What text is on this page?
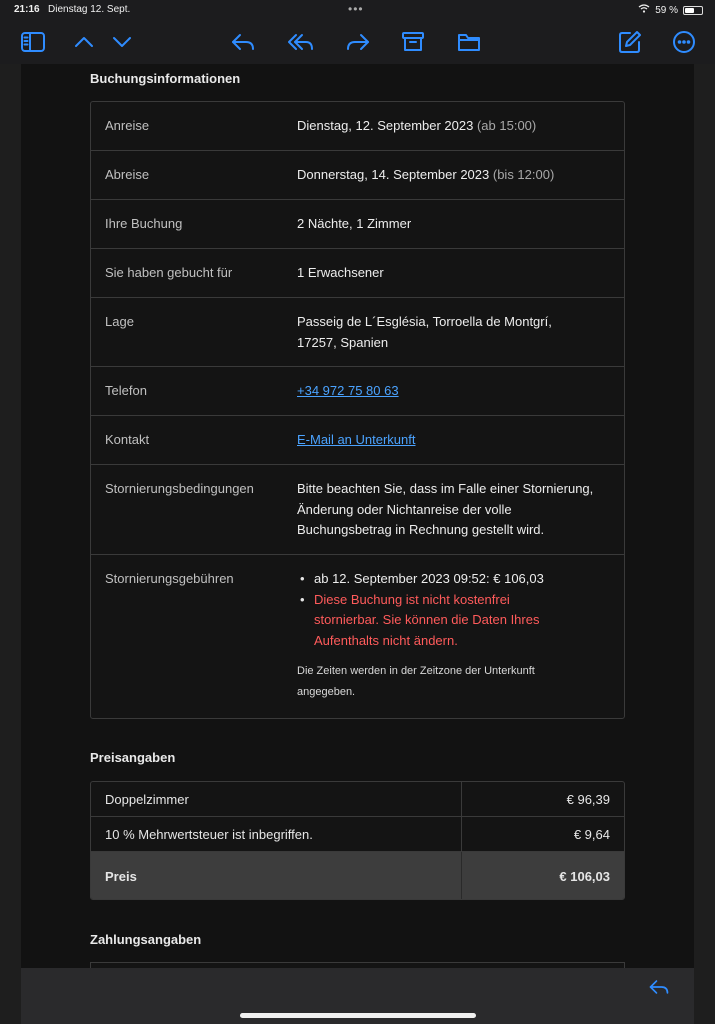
21:16 Dienstag 12. Sept.	•••	59 %
Buchungsinformationen
Anreise	Dienstag, 12. September 2023 (ab 15:00)
Abreise	Donnerstag, 14. September 2023 (bis 12:00)
Ihre Buchung	2 Nächte, 1 Zimmer
Sie haben gebucht für	1 Erwachsener
Lage	Passeig de L´Església, Torroella de Montgrí, 17257, Spanien
Telefon	+34 972 75 80 63
Kontakt	E-Mail an Unterkunft
Stornierungsbedingungen	Bitte beachten Sie, dass im Falle einer Stornierung, Änderung oder Nichtanreise der volle Buchungsbetrag in Rechnung gestellt wird.
Stornierungsgebühren
•	ab 12. September 2023 09:52: € 106,03
• Diese Buchung ist nicht kostenfrei stornierbar. Sie können die Daten Ihres Aufenthalts nicht ändern.
Die Zeiten werden in der Zeitzone der Unterkunft angegeben.
Preisangaben
Doppelzimmer	€ 96,39
10 % Mehrwertsteuer ist inbegriffen.	€ 9,64
Preis	€ 106,03
Zahlungsangaben
